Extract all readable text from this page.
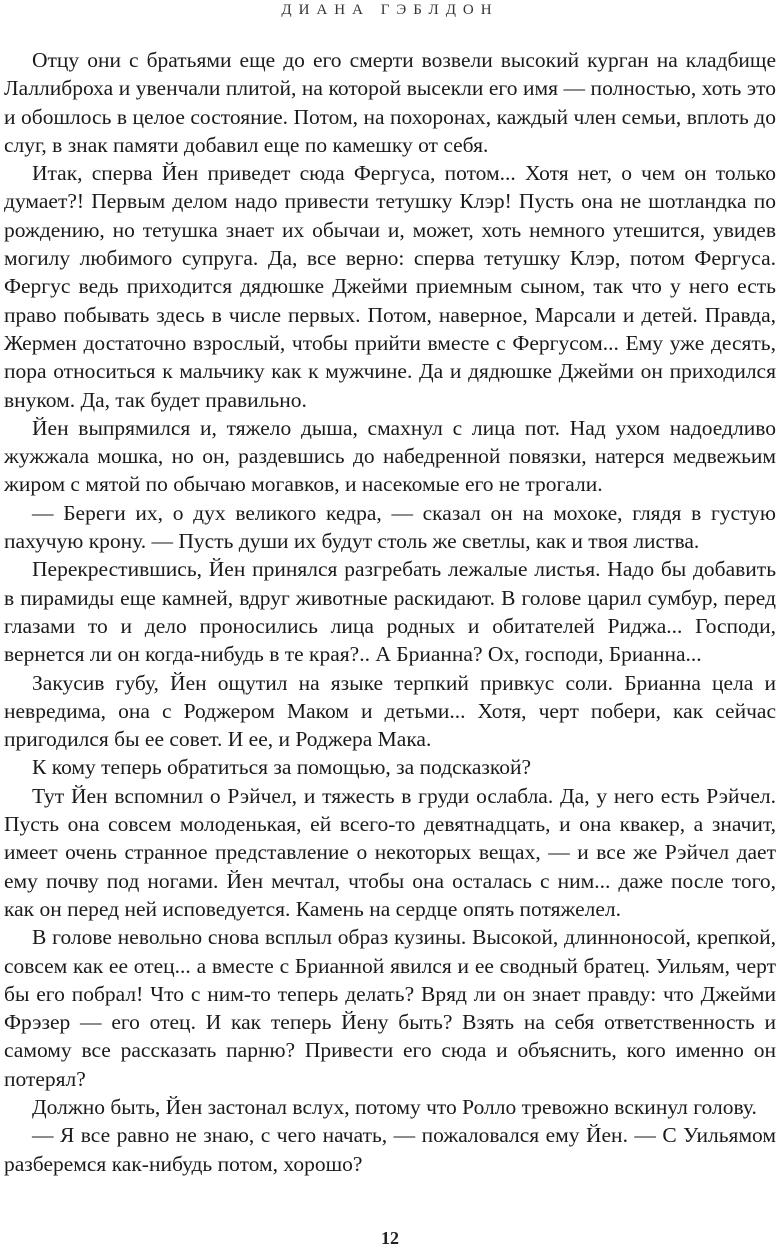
ДИАНА ГЭБЛДОН

Отцу они с братьями еще до его смерти возвели высокий курган на кладбище Лаллиброха и увенчали плитой, на которой высекли его имя — полностью, хоть это и обошлось в целое состояние. Потом, на похоронах, каждый член семьи, вплоть до слуг, в знак памяти добавил еще по камешку от себя.

Итак, сперва Йен приведет сюда Фергуса, потом... Хотя нет, о чем он только думает?! Первым делом надо привести тетушку Клэр! Пусть она не шотландка по рождению, но тетушка знает их обычаи и, может, хоть немного утешится, увидев могилу любимого супруга. Да, все верно: сперва тетушку Клэр, потом Фергуса. Фергус ведь приходится дядюшке Джейми приемным сыном, так что у него есть право побывать здесь в числе первых. Потом, наверное, Марсали и детей. Правда, Жермен достаточно взрослый, чтобы прийти вместе с Фергусом... Ему уже десять, пора относиться к мальчику как к мужчине. Да и дядюшке Джейми он приходился внуком. Да, так будет правильно.

Йен выпрямился и, тяжело дыша, смахнул с лица пот. Над ухом надоедливо жужжала мошка, но он, раздевшись до набедренной повязки, натерся медвежьим жиром с мятой по обычаю могавков, и насекомые его не трогали.

— Береги их, о дух великого кедра, — сказал он на мохоке, глядя в густую пахучую крону. — Пусть души их будут столь же светлы, как и твоя листва.

Перекрестившись, Йен принялся разгребать лежалые листья. Надо бы добавить в пирамиды еще камней, вдруг животные раскидают. В голове царил сумбур, перед глазами то и дело проносились лица родных и обитателей Риджа... Господи, вернется ли он когда-нибудь в те края?.. А Брианна? Ох, господи, Брианна...

Закусив губу, Йен ощутил на языке терпкий привкус соли. Брианна цела и невредима, она с Роджером Маком и детьми... Хотя, черт побери, как сейчас пригодился бы ее совет. И ее, и Роджера Мака.

К кому теперь обратиться за помощью, за подсказкой?

Тут Йен вспомнил о Рэйчел, и тяжесть в груди ослабла. Да, у него есть Рэйчел. Пусть она совсем молоденькая, ей всего-то девятнадцать, и она квакер, а значит, имеет очень странное представление о некоторых вещах, — и все же Рэйчел дает ему почву под ногами. Йен мечтал, чтобы она осталась с ним... даже после того, как он перед ней исповедуется. Камень на сердце опять потяжелел.

В голове невольно снова всплыл образ кузины. Высокой, длинноносой, крепкой, совсем как ее отец... а вместе с Брианной явился и ее сводный братец. Уильям, черт бы его побрал! Что с ним-то теперь делать? Вряд ли он знает правду: что Джейми Фрэзер — его отец. И как теперь Йену быть? Взять на себя ответственность и самому все рассказать парню? Привести его сюда и объяснить, кого именно он потерял?

Должно быть, Йен застонал вслух, потому что Ролло тревожно вскинул голову.

— Я все равно не знаю, с чего начать, — пожаловался ему Йен. — С Уильямом разберемся как-нибудь потом, хорошо?

12
